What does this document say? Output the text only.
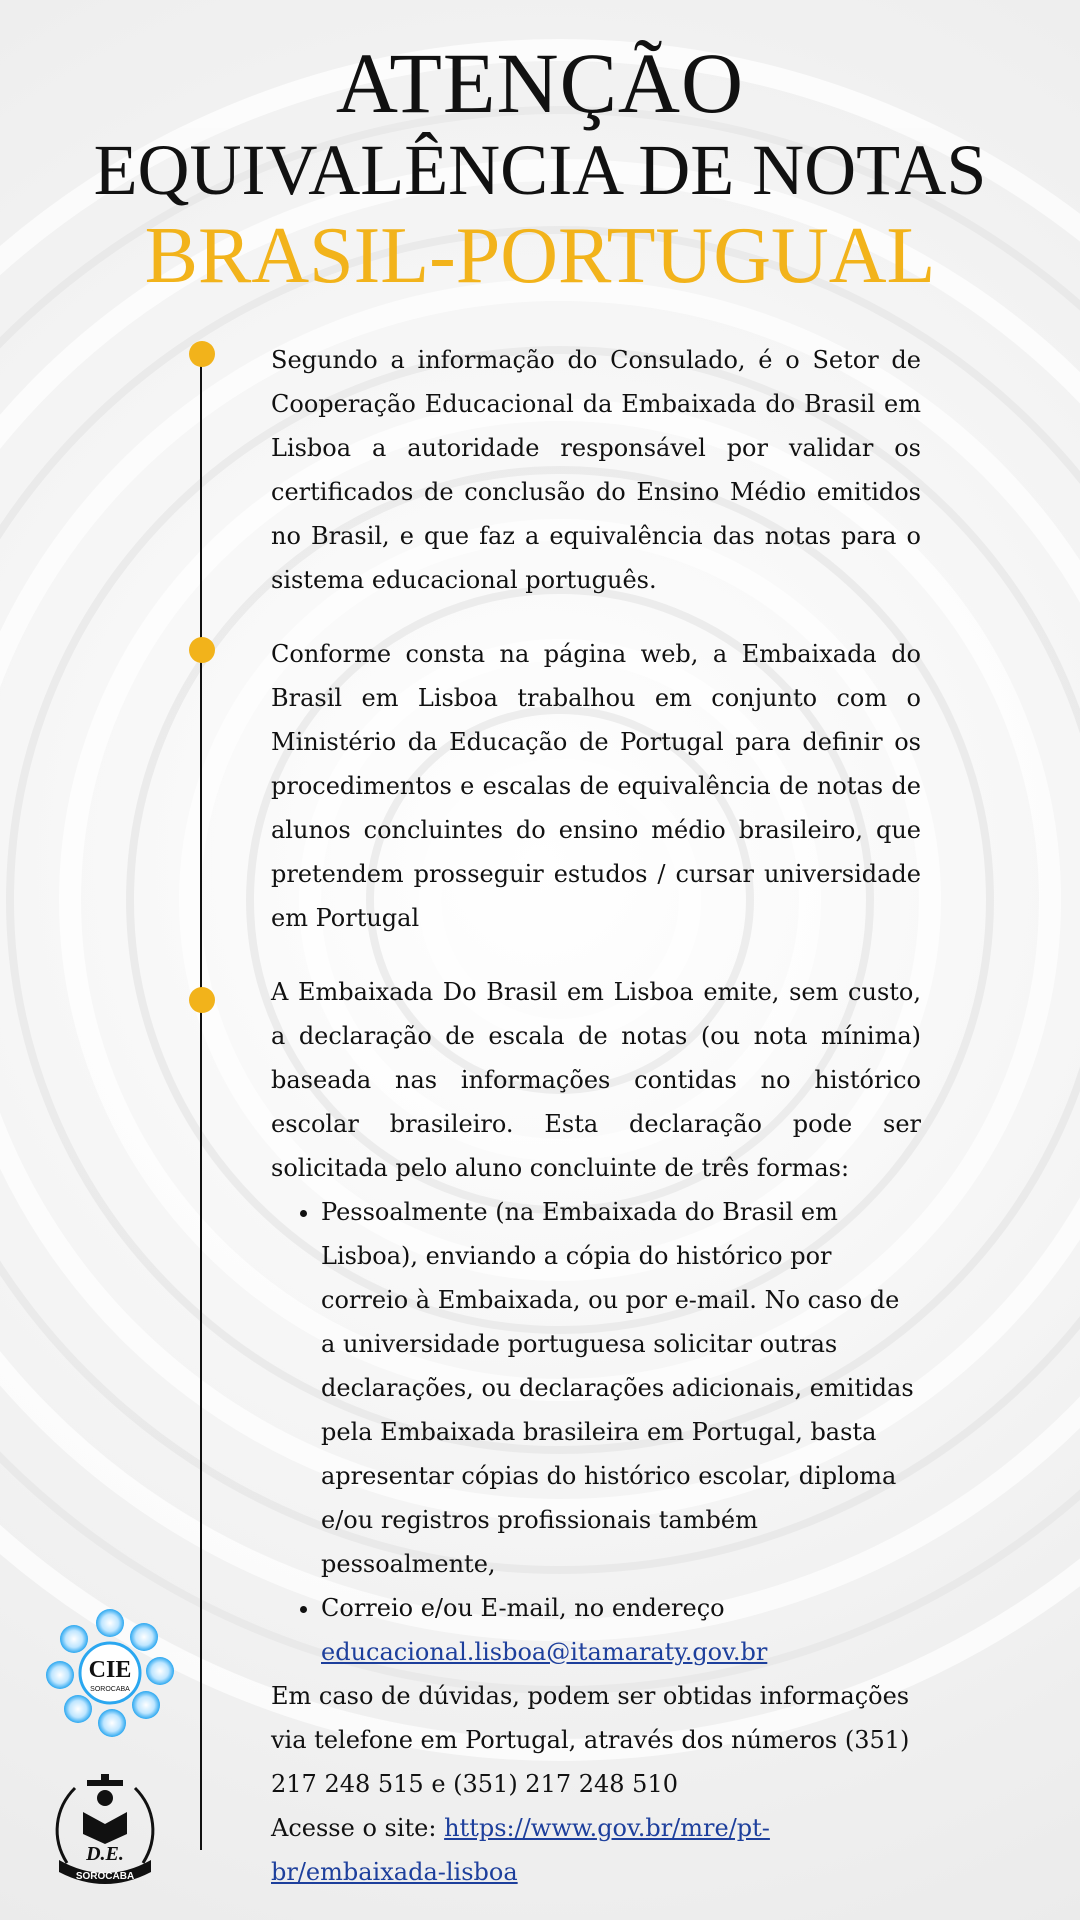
ATENÇÃO
EQUIVALÊNCIA DE NOTAS
BRASIL-PORTUGUAL

Segundo a informação do Consulado, é o Setor de Cooperação Educacional da Embaixada do Brasil em Lisboa a autoridade responsável por validar os certificados de conclusão do Ensino Médio emitidos no Brasil, e que faz a equivalência das notas para o sistema educacional português.

Conforme consta na página web, a Embaixada do Brasil em Lisboa trabalhou em conjunto com o Ministério da Educação de Portugal para definir os procedimentos e escalas de equivalência de notas de alunos concluintes do ensino médio brasileiro, que pretendem prosseguir estudos / cursar universidade em Portugal

A Embaixada Do Brasil em Lisboa emite, sem custo, a declaração de escala de notas (ou nota mínima) baseada nas informações contidas no histórico escolar brasileiro. Esta declaração pode ser solicitada pelo aluno concluinte de três formas:

• Pessoalmente (na Embaixada do Brasil em Lisboa), enviando a cópia do histórico por correio à Embaixada, ou por e-mail. No caso de a universidade portuguesa solicitar outras declarações, ou declarações adicionais, emitidas pela Embaixada brasileira em Portugal, basta apresentar cópias do histórico escolar, diploma e/ou registros profissionais também pessoalmente,
• Correio e/ou E-mail, no endereço
educacional.lisboa@itamaraty.gov.br

Em caso de dúvidas, podem ser obtidas informações via telefone em Portugal, através dos números (351) 217 248 515 e (351) 217 248 510

Acesse o site: https://www.gov.br/mre/pt-br/embaixada-lisboa

CIE
SOROCABA
D.E.
SOROCABA
